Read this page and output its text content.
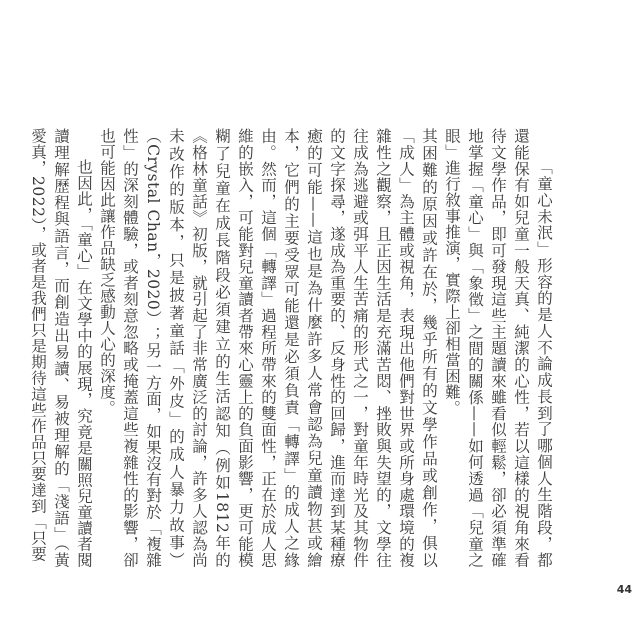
「童心未泯」形容的是人不論成長到了哪個人生階段，都還能保有如兒童一般天真、純潔的心性，若以這樣的視角來看待文學作品，即可發現這些主題讀來雖看似輕鬆，卻必須準確地掌握「童心」與「象徵」之間的關係——如何透過「兒童之眼」進行敘事推演，實際上卻相當困難。

其困難的原因或許在於，幾乎所有的文學作品或創作，俱以「成人」為主體或視角，表現出他們對世界或所身處環境的複雜性之觀察，且正因生活是充滿苦悶、挫敗與失望的，文學往往成為逃避或弭平人生苦痛的形式之一，對童年時光及其物件的文字探尋，遂成為重要的、反身性的回歸，進而達到某種療癒的可能——這也是為什麼許多人常會認為兒童讀物甚或繪本，它們的主要受眾可能還是必須負責「轉譯」的成人之緣由。然而，這個「轉譯」過程所帶來的雙面性，正在於成人思維的嵌入，可能對兒童讀者帶來心靈上的負面影響，更可能模糊了兒童在成長階段必須建立的生活認知（例如1812年的《格林童話》初版，就引起了非常廣泛的討論，許多人認為尚未改作的版本，只是披著童話「外皮」的成人暴力故事）（Crystal Chan，2020）；另一方面，如果沒有對於「複雜性」的深刻體驗，或者刻意忽略或掩蓋這些複雜性的影響，卻也可能因此讓作品缺乏感動人心的深度。

也因此，「童心」在文學中的展現，究竟是關照兒童讀者閱讀理解歷程與語言，而創造出易讀、易被理解的「淺語」（黃愛真，2022），或者是我們只是期待這些作品只要達到「只要

44
